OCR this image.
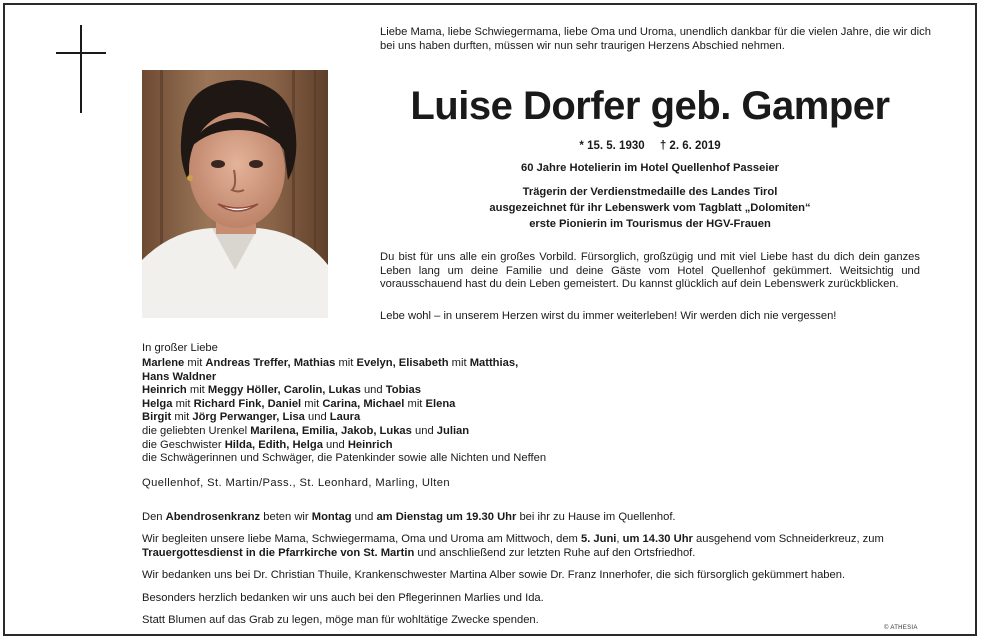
Liebe Mama, liebe Schwiegermama, liebe Oma und Uroma, unendlich dankbar für die vielen Jahre, die wir dich bei uns haben durften, müssen wir nun sehr traurigen Herzens Abschied nehmen.

Luise Dorfer geb. Gamper
* 15. 5. 1930 † 2. 6. 2019

60 Jahre Hotelierin im Hotel Quellenhof Passeier

Trägerin der Verdienstmedaille des Landes Tirol
ausgezeichnet für ihr Lebenswerk vom Tagblatt „Dolomiten“
erste Pionierin im Tourismus der HGV-Frauen

Du bist für uns alle ein großes Vorbild. Fürsorglich, großzügig und mit viel Liebe hast du dich dein ganzes Leben lang um deine Familie und deine Gäste vom Hotel Quellenhof gekümmert. Weitsichtig und vorausschauend hast du dein Leben gemeistert. Du kannst glücklich auf dein Lebenswerk zurückblicken.

Lebe wohl – in unserem Herzen wirst du immer weiterleben! Wir werden dich nie vergessen!

In großer Liebe

Marlene mit Andreas Treffer, Mathias mit Evelyn, Elisabeth mit Matthias,
Hans Waldner
Heinrich mit Meggy Höller, Carolin, Lukas und Tobias
Helga mit Richard Fink, Daniel mit Carina, Michael mit Elena
Birgit mit Jörg Perwanger, Lisa und Laura
die geliebten Urenkel Marilena, Emilia, Jakob, Lukas und Julian
die Geschwister Hilda, Edith, Helga und Heinrich
die Schwägerinnen und Schwäger, die Patenkinder sowie alle Nichten und Neffen

Quellenhof, St. Martin/Pass., St. Leonhard, Marling, Ulten

Den Abendrosenkranz beten wir Montag und am Dienstag um 19.30 Uhr bei ihr zu Hause im Quellenhof.

Wir begleiten unsere liebe Mama, Schwiegermama, Oma und Uroma am Mittwoch, dem 5. Juni, um 14.30 Uhr ausgehend vom Schneiderkreuz, zum Trauergottesdienst in die Pfarrkirche von St. Martin und anschließend zur letzten Ruhe auf den Ortsfriedhof.

Wir bedanken uns bei Dr. Christian Thuile, Krankenschwester Martina Alber sowie Dr. Franz Innerhofer, die sich fürsorglich gekümmert haben.

Besonders herzlich bedanken wir uns auch bei den Pflegerinnen Marlies und Ida.

Statt Blumen auf das Grab zu legen, möge man für wohltätige Zwecke spenden.

© ATHESIA
